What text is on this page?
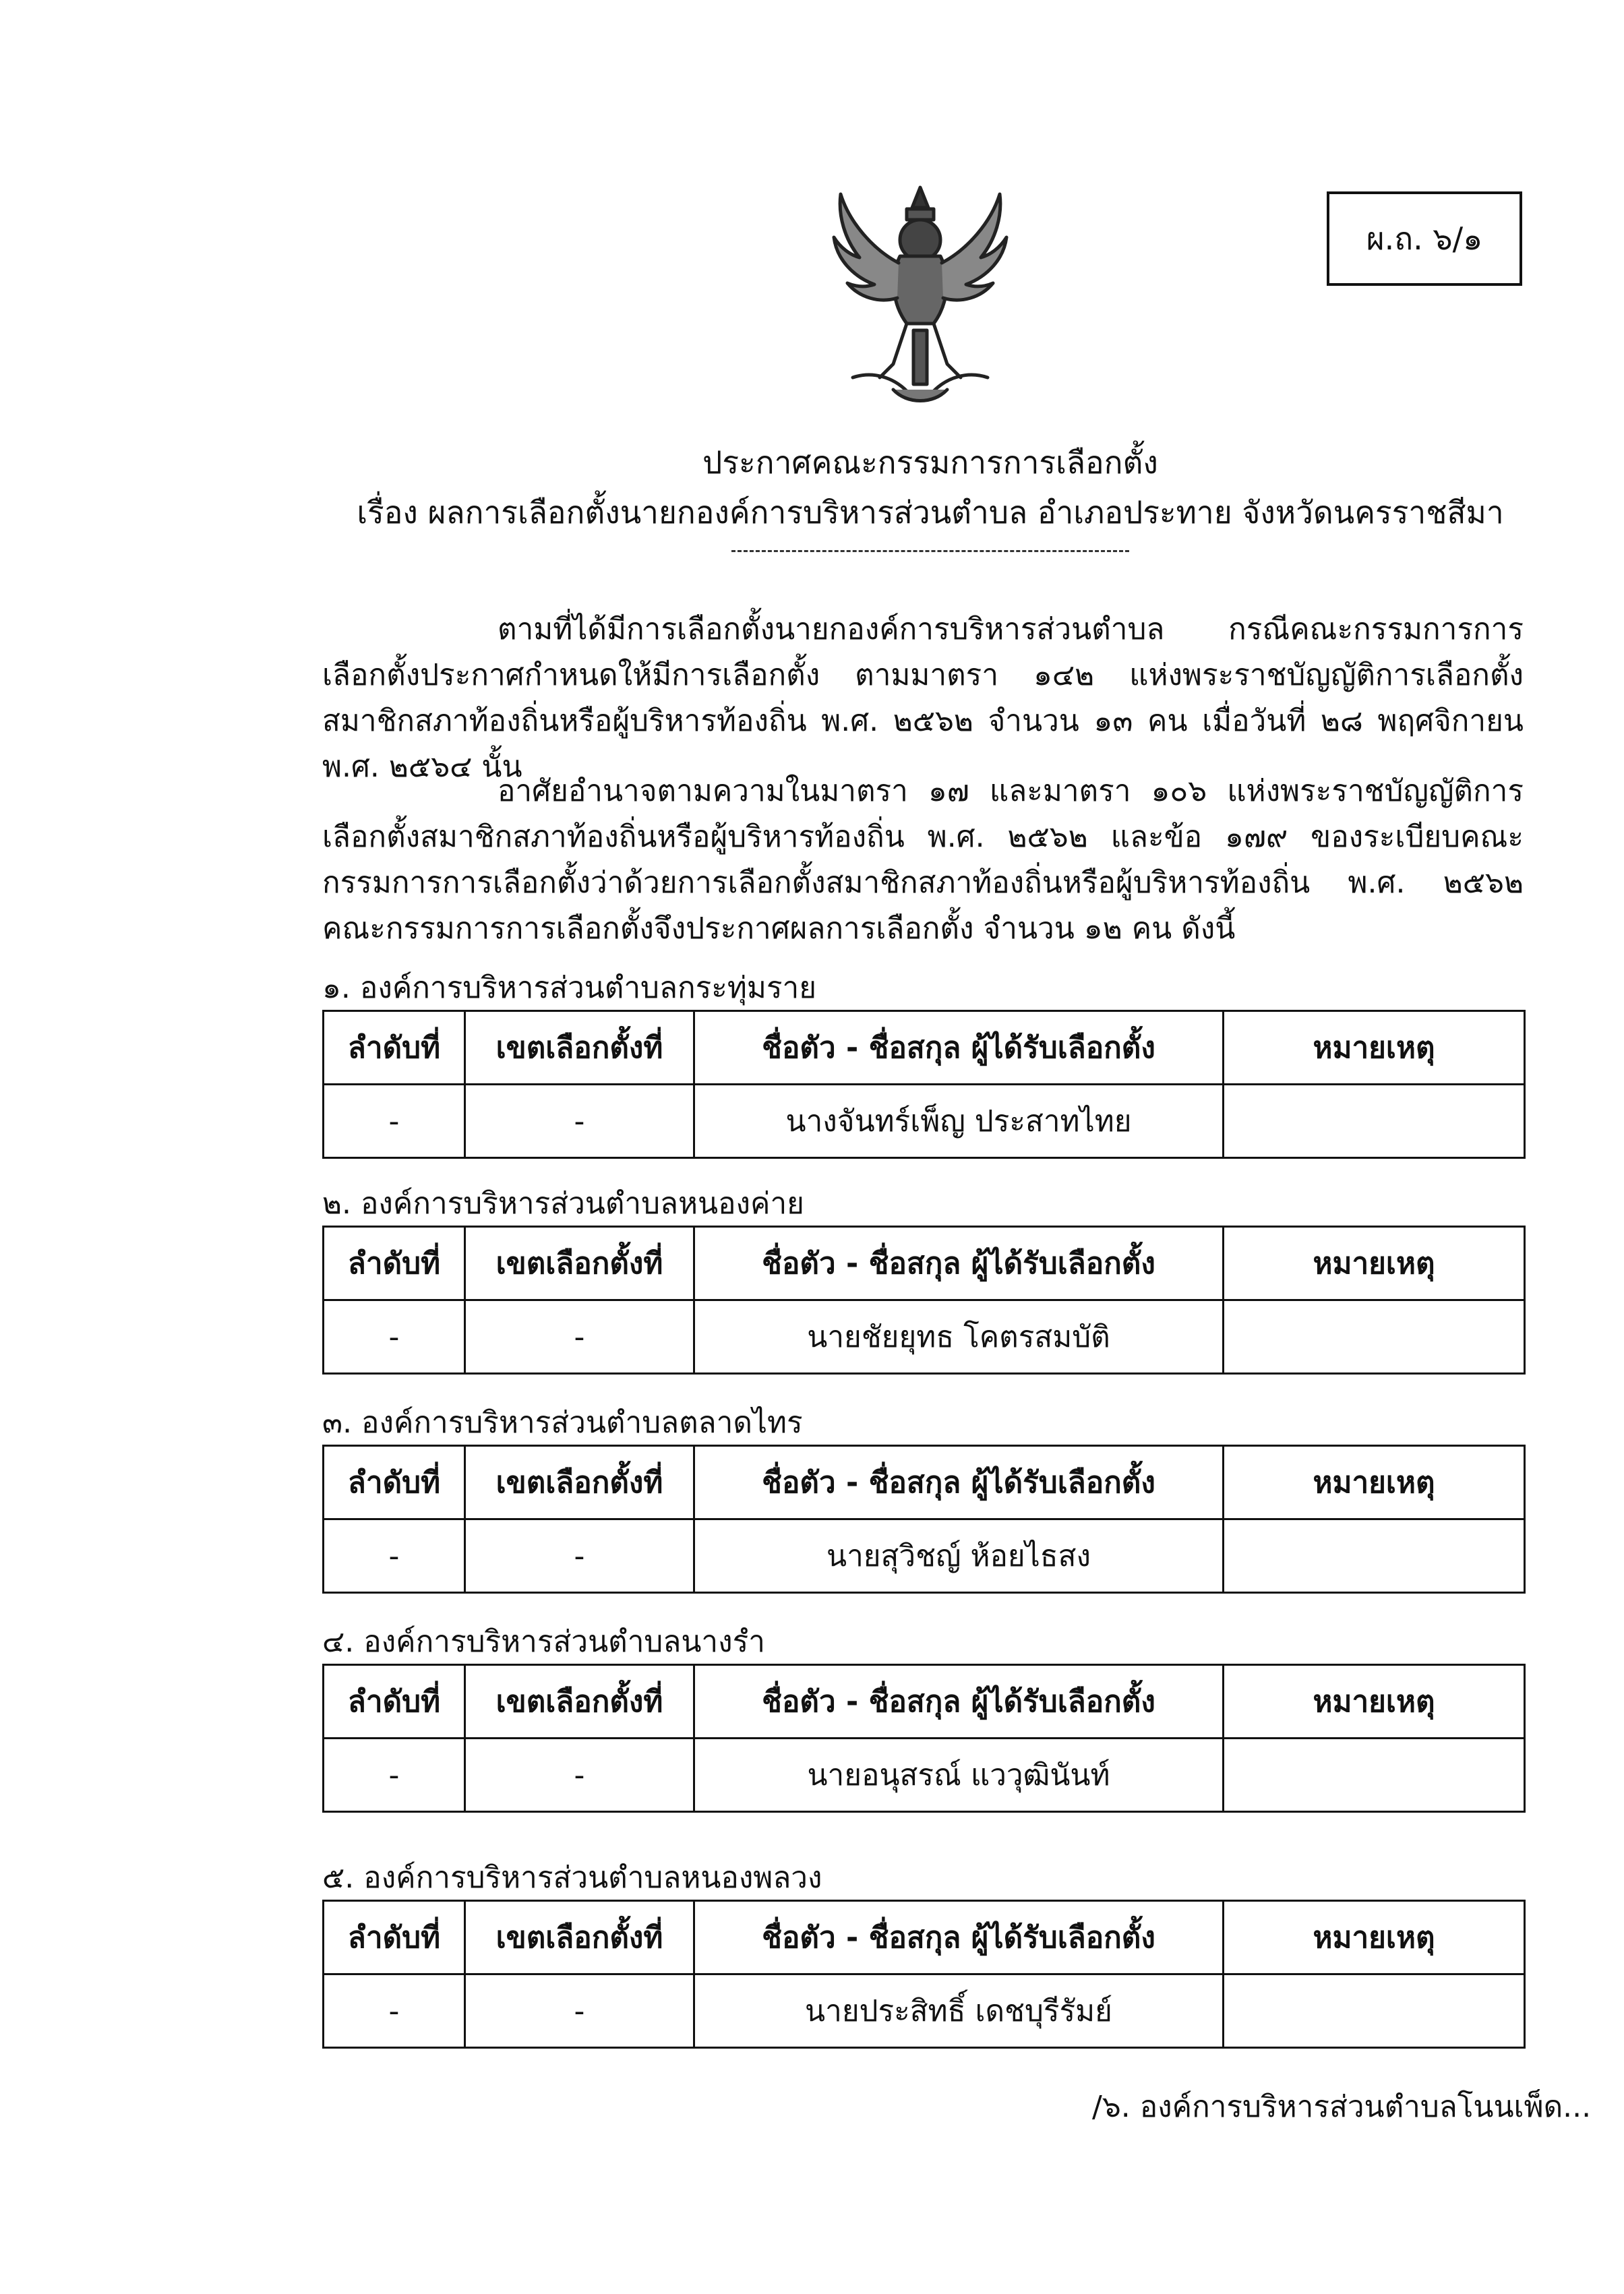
ผ.ถ. ๖/๑
ประกาศคณะกรรมการการเลือกตั้ง
เรื่อง ผลการเลือกตั้งนายกองค์การบริหารส่วนตำบล อำเภอประทาย จังหวัดนครราชสีมา

ตามที่ได้มีการเลือกตั้งนายกองค์การบริหารส่วนตำบล กรณีคณะกรรมการการเลือกตั้งประกาศกำหนดให้มีการเลือกตั้ง ตามมาตรา ๑๔๒ แห่งพระราชบัญญัติการเลือกตั้งสมาชิกสภาท้องถิ่นหรือผู้บริหารท้องถิ่น พ.ศ. ๒๕๖๒ จำนวน ๑๓ คน เมื่อวันที่ ๒๘ พฤศจิกายน พ.ศ. ๒๕๖๔ นั้น

อาศัยอำนาจตามความในมาตรา ๑๗ และมาตรา ๑๐๖ แห่งพระราชบัญญัติการเลือกตั้งสมาชิกสภาท้องถิ่นหรือผู้บริหารท้องถิ่น พ.ศ. ๒๕๖๒ และข้อ ๑๗๙ ของระเบียบคณะกรรมการการเลือกตั้งว่าด้วยการเลือกตั้งสมาชิกสภาท้องถิ่นหรือผู้บริหารท้องถิ่น พ.ศ. ๒๕๖๒ คณะกรรมการการเลือกตั้งจึงประกาศผลการเลือกตั้ง จำนวน ๑๒ คน ดังนี้

๑. องค์การบริหารส่วนตำบลกระทุ่มราย
ลำดับที่	เขตเลือกตั้งที่	ชื่อตัว - ชื่อสกุล ผู้ได้รับเลือกตั้ง	หมายเหตุ
-	-	นางจันทร์เพ็ญ ประสาทไทย	
๒. องค์การบริหารส่วนตำบลหนองค่าย
ลำดับที่	เขตเลือกตั้งที่	ชื่อตัว - ชื่อสกุล ผู้ได้รับเลือกตั้ง	หมายเหตุ
-	-	นายชัยยุทธ โคตรสมบัติ	
๓. องค์การบริหารส่วนตำบลตลาดไทร
ลำดับที่	เขตเลือกตั้งที่	ชื่อตัว - ชื่อสกุล ผู้ได้รับเลือกตั้ง	หมายเหตุ
-	-	นายสุวิชญ์ ห้อยไธสง	
๔. องค์การบริหารส่วนตำบลนางรำ
ลำดับที่	เขตเลือกตั้งที่	ชื่อตัว - ชื่อสกุล ผู้ได้รับเลือกตั้ง	หมายเหตุ
-	-	นายอนุสรณ์ แววุฒินันท์	
๕. องค์การบริหารส่วนตำบลหนองพลวง
ลำดับที่	เขตเลือกตั้งที่	ชื่อตัว - ชื่อสกุล ผู้ได้รับเลือกตั้ง	หมายเหตุ
-	-	นายประสิทธิ์ เดชบุรีรัมย์	
/๖. องค์การบริหารส่วนตำบลโนนเพ็ด...
